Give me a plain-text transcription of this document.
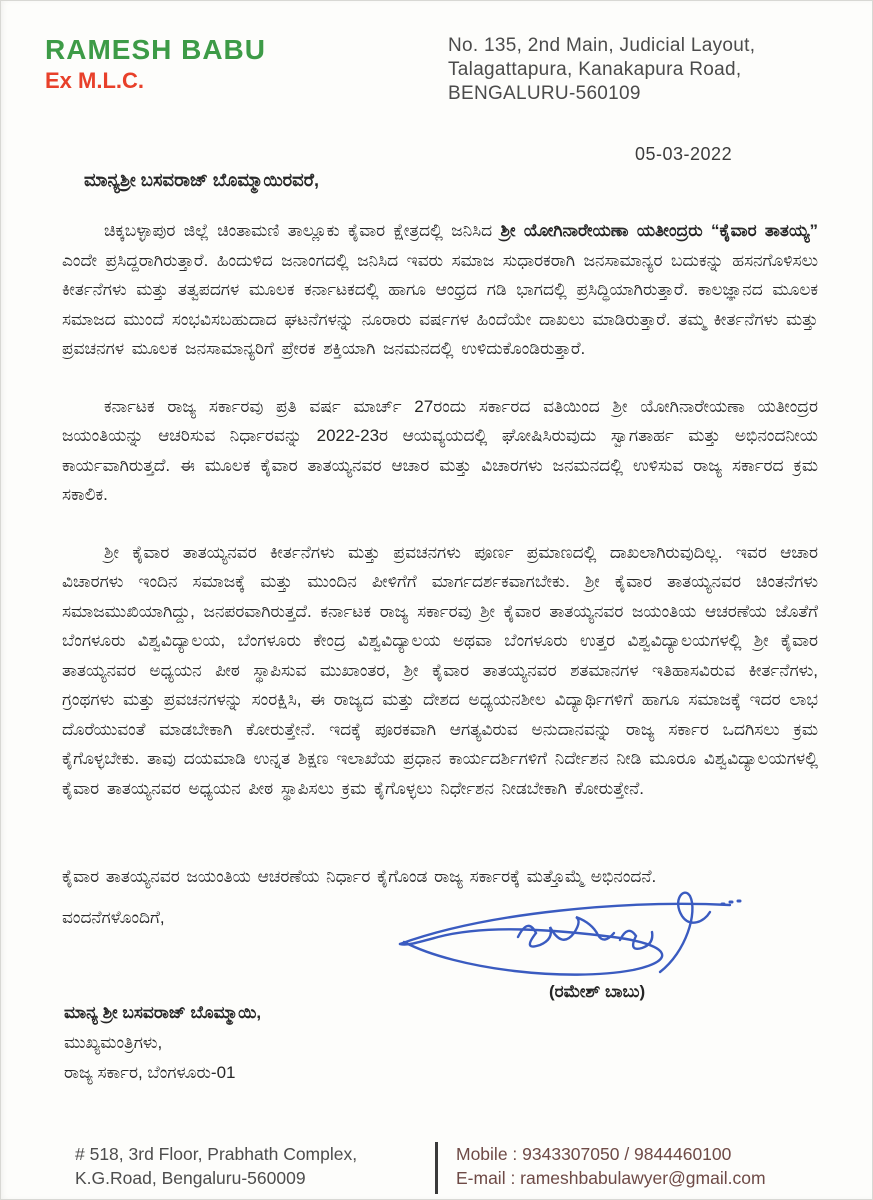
RAMESH BABU
Ex M.L.C.
No. 135, 2nd Main, Judicial Layout,
Talagattapura, Kanakapura Road,
BENGALURU-560109
05-03-2022
ಮಾನ್ಯಶ್ರೀ ಬಸವರಾಜ್ ಬೊಮ್ಮಾಯಿರವರೆ,

ಚಿಕ್ಕಬಳ್ಳಾಪುರ ಜಿಲ್ಲೆ ಚಿಂತಾಮಣಿ ತಾಲ್ಲೂಕು ಕೈವಾರ ಕ್ಷೇತ್ರದಲ್ಲಿ ಜನಿಸಿದ ಶ್ರೀ ಯೋಗಿನಾರೇಯಣಾ ಯತೀಂದ್ರರು “ಕೈವಾರ ತಾತಯ್ಯ” ಎಂದೇ ಪ್ರಸಿದ್ದರಾಗಿರುತ್ತಾರೆ. ಹಿಂದುಳಿದ ಜನಾಂಗದಲ್ಲಿ ಜನಿಸಿದ ಇವರು ಸಮಾಜ ಸುಧಾರಕರಾಗಿ ಜನಸಾಮಾನ್ಯರ ಬದುಕನ್ನು ಹಸನಗೊಳಿಸಲು ಕೀರ್ತನೆಗಳು ಮತ್ತು ತತ್ವಪದಗಳ ಮೂಲಕ ಕರ್ನಾಟಕದಲ್ಲಿ ಹಾಗೂ ಆಂಧ್ರದ ಗಡಿ ಭಾಗದಲ್ಲಿ ಪ್ರಸಿದ್ಧಿಯಾಗಿರುತ್ತಾರೆ. ಕಾಲಜ್ಞಾನದ ಮೂಲಕ ಸಮಾಜದ ಮುಂದೆ ಸಂಭವಿಸಬಹುದಾದ ಘಟನೆಗಳನ್ನು ನೂರಾರು ವರ್ಷಗಳ ಹಿಂದೆಯೇ ದಾಖಲು ಮಾಡಿರುತ್ತಾರೆ. ತಮ್ಮ ಕೀರ್ತನೆಗಳು ಮತ್ತು ಪ್ರವಚನಗಳ ಮೂಲಕ ಜನಸಾಮಾನ್ಯರಿಗೆ ಪ್ರೇರಕ ಶಕ್ತಿಯಾಗಿ ಜನಮನದಲ್ಲಿ ಉಳಿದುಕೊಂಡಿರುತ್ತಾರೆ.

ಕರ್ನಾಟಕ ರಾಜ್ಯ ಸರ್ಕಾರವು ಪ್ರತಿ ವರ್ಷ ಮಾರ್ಚ್ 27ರಂದು ಸರ್ಕಾರದ ವತಿಯಿಂದ ಶ್ರೀ ಯೋಗಿನಾರೇಯಣಾ ಯತೀಂದ್ರರ ಜಯಂತಿಯನ್ನು ಆಚರಿಸುವ ನಿರ್ಧಾರವನ್ನು 2022-23ರ ಆಯವ್ಯಯದಲ್ಲಿ ಘೋಷಿಸಿರುವುದು ಸ್ವಾಗತಾರ್ಹ ಮತ್ತು ಅಭಿನಂದನೀಯ ಕಾರ್ಯವಾಗಿರುತ್ತದೆ. ಈ ಮೂಲಕ ಕೈವಾರ ತಾತಯ್ಯನವರ ಆಚಾರ ಮತ್ತು ವಿಚಾರಗಳು ಜನಮನದಲ್ಲಿ ಉಳಿಸುವ ರಾಜ್ಯ ಸರ್ಕಾರದ ಕ್ರಮ ಸಕಾಲಿಕ.

ಶ್ರೀ ಕೈವಾರ ತಾತಯ್ಯನವರ ಕೀರ್ತನೆಗಳು ಮತ್ತು ಪ್ರವಚನಗಳು ಪೂರ್ಣ ಪ್ರಮಾಣದಲ್ಲಿ ದಾಖಲಾಗಿರುವುದಿಲ್ಲ. ಇವರ ಆಚಾರ ವಿಚಾರಗಳು ಇಂದಿನ ಸಮಾಜಕ್ಕೆ ಮತ್ತು ಮುಂದಿನ ಪೀಳಿಗೆಗೆ ಮಾರ್ಗದರ್ಶಕವಾಗಬೇಕು. ಶ್ರೀ ಕೈವಾರ ತಾತಯ್ಯನವರ ಚಿಂತನೆಗಳು ಸಮಾಜಮುಖಿಯಾಗಿದ್ದು, ಜನಪರವಾಗಿರುತ್ತದೆ. ಕರ್ನಾಟಕ ರಾಜ್ಯ ಸರ್ಕಾರವು ಶ್ರೀ ಕೈವಾರ ತಾತಯ್ಯನವರ ಜಯಂತಿಯ ಆಚರಣೆಯ ಜೊತೆಗೆ ಬೆಂಗಳೂರು ವಿಶ್ವವಿದ್ಯಾಲಯ, ಬೆಂಗಳೂರು ಕೇಂದ್ರ ವಿಶ್ವವಿದ್ಯಾಲಯ ಅಥವಾ ಬೆಂಗಳೂರು ಉತ್ತರ ವಿಶ್ವವಿದ್ಯಾಲಯಗಳಲ್ಲಿ ಶ್ರೀ ಕೈವಾರ ತಾತಯ್ಯನವರ ಅಧ್ಯಯನ ಪೀಠ ಸ್ಥಾಪಿಸುವ ಮುಖಾಂತರ, ಶ್ರೀ ಕೈವಾರ ತಾತಯ್ಯನವರ ಶತಮಾನಗಳ ಇತಿಹಾಸವಿರುವ ಕೀರ್ತನೆಗಳು, ಗ್ರಂಥಗಳು ಮತ್ತು ಪ್ರವಚನಗಳನ್ನು ಸಂರಕ್ಷಿಸಿ, ಈ ರಾಜ್ಯದ ಮತ್ತು ದೇಶದ ಅಧ್ಯಯನಶೀಲ ವಿದ್ಯಾರ್ಥಿಗಳಿಗೆ ಹಾಗೂ ಸಮಾಜಕ್ಕೆ ಇದರ ಲಾಭ ದೊರೆಯುವಂತೆ ಮಾಡಬೇಕಾಗಿ ಕೋರುತ್ತೇನೆ. ಇದಕ್ಕೆ ಪೂರಕವಾಗಿ ಆಗತ್ಯವಿರುವ ಅನುದಾನವನ್ನು ರಾಜ್ಯ ಸರ್ಕಾರ ಒದಗಿಸಲು ಕ್ರಮ ಕೈಗೊಳ್ಳಬೇಕು. ತಾವು ದಯಮಾಡಿ ಉನ್ನತ ಶಿಕ್ಷಣ ಇಲಾಖೆಯ ಪ್ರಧಾನ ಕಾರ್ಯದರ್ಶಿಗಳಿಗೆ ನಿರ್ದೇಶನ ನೀಡಿ ಮೂರೂ ವಿಶ್ವವಿದ್ಯಾಲಯಗಳಲ್ಲಿ ಕೈವಾರ ತಾತಯ್ಯನವರ ಅಧ್ಯಯನ ಪೀಠ ಸ್ಥಾಪಿಸಲು ಕ್ರಮ ಕೈಗೊಳ್ಳಲು ನಿರ್ಧೇಶನ ನೀಡಬೇಕಾಗಿ ಕೋರುತ್ತೇನೆ.

ಕೈವಾರ ತಾತಯ್ಯನವರ ಜಯಂತಿಯ ಆಚರಣೆಯ ನಿರ್ಧಾರ ಕೈಗೊಂಡ ರಾಜ್ಯ ಸರ್ಕಾರಕ್ಕೆ ಮತ್ತೊಮ್ಮೆ ಅಭಿನಂದನೆ.
ವಂದನೆಗಳೊಂದಿಗೆ,
(ರಮೇಶ್ ಬಾಬು)
ಮಾನ್ಯ ಶ್ರೀ ಬಸವರಾಜ್ ಬೊಮ್ಮಾಯಿ,
ಮುಖ್ಯಮಂತ್ರಿಗಳು,
ರಾಜ್ಯ ಸರ್ಕಾರ, ಬೆಂಗಳೂರು-01
# 518, 3rd Floor, Prabhath Complex,
K.G.Road, Bengaluru-560009
Mobile : 9343307050 / 9844460100
E-mail : rameshbabulawyer@gmail.com
